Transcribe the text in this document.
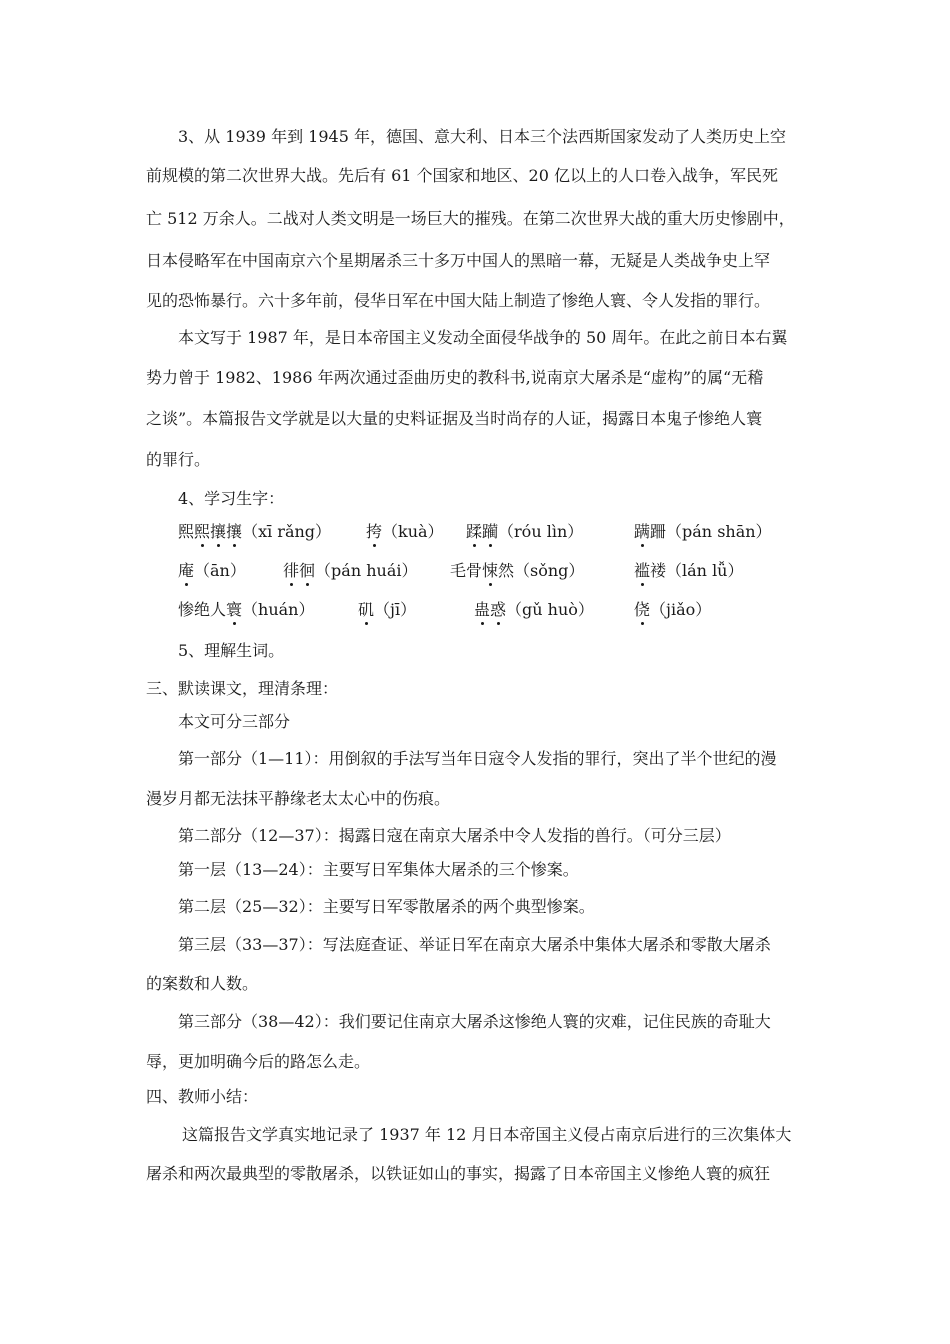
3、从 1939 年到 1945 年，德国、意大利、日本三个法西斯国家发动了人类历史上空
前规模的第二次世界大战。先后有 61 个国家和地区、20 亿以上的人口卷入战争，军民死
亡 512 万余人。二战对人类文明是一场巨大的摧残。在第二次世界大战的重大历史惨剧中，
日本侵略军在中国南京六个星期屠杀三十多万中国人的黑暗一幕，无疑是人类战争史上罕
见的恐怖暴行。六十多年前，侵华日军在中国大陆上制造了惨绝人寰、令人发指的罪行。
本文写于 1987 年，是日本帝国主义发动全面侵华战争的 50 周年。在此之前日本右翼
势力曾于 1982、1986 年两次通过歪曲历史的教科书,说南京大屠杀是“虚构”的属“无稽
之谈”。本篇报告文学就是以大量的史料证据及当时尚存的人证，揭露日本鬼子惨绝人寰
的罪行。
4、学习生字：
熙熙攘攘（xī rǎng） 挎（kuà） 蹂躏（róu lìn）	蹒跚（pán shān）
庵（ān） 徘徊（pán huái） 毛骨悚然（sǒng）	褴褛（lán lǚ）
惨绝人寰（huán）	矶（jī）	蛊惑（gǔ huò）	侥（jiǎo）
5、理解生词。
三、默读课文，理清条理：
本文可分三部分
第一部分（1—11）：用倒叙的手法写当年日寇令人发指的罪行，突出了半个世纪的漫
漫岁月都无法抹平静缘老太太心中的伤痕。
第二部分（12—37）：揭露日寇在南京大屠杀中令人发指的兽行。（可分三层）
第一层（13—24）：主要写日军集体大屠杀的三个惨案。
第二层（25—32）：主要写日军零散屠杀的两个典型惨案。
第三层（33—37）：写法庭查证、举证日军在南京大屠杀中集体大屠杀和零散大屠杀
的案数和人数。
第三部分（38—42）：我们要记住南京大屠杀这惨绝人寰的灾难，记住民族的奇耻大
辱，更加明确今后的路怎么走。
四、教师小结：
这篇报告文学真实地记录了 1937 年 12 月日本帝国主义侵占南京后进行的三次集体大
屠杀和两次最典型的零散屠杀，以铁证如山的事实，揭露了日本帝国主义惨绝人寰的疯狂
